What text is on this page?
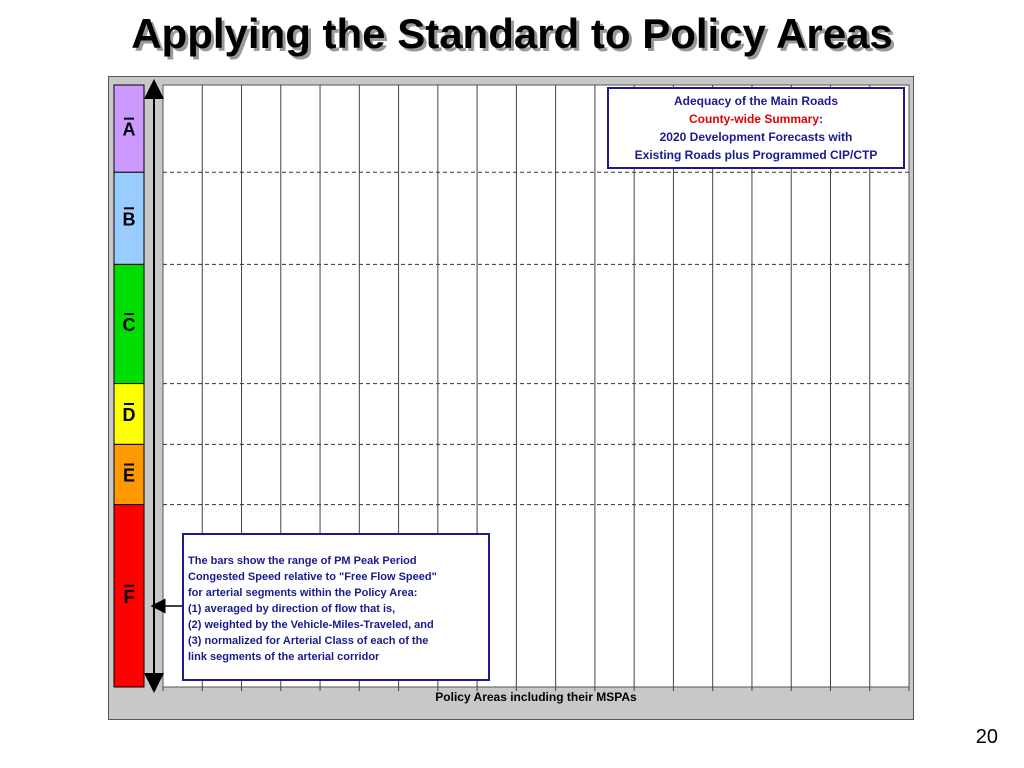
Applying the Standard to Policy Areas
A
B
C
D
E
F
Adequacy of the Main Roads
County-wide Summary:
2020 Development Forecasts with
Existing Roads plus Programmed CIP/CTP
The bars show the range of PM Peak Period
Congested Speed relative to "Free Flow Speed"
for arterial segments within the Policy Area:
(1) averaged by direction of flow that is,
(2) weighted by the Vehicle-Miles-Traveled, and
(3) normalized for Arterial Class of each of the
link segments of the arterial corridor
Policy Areas including their MSPAs
20
